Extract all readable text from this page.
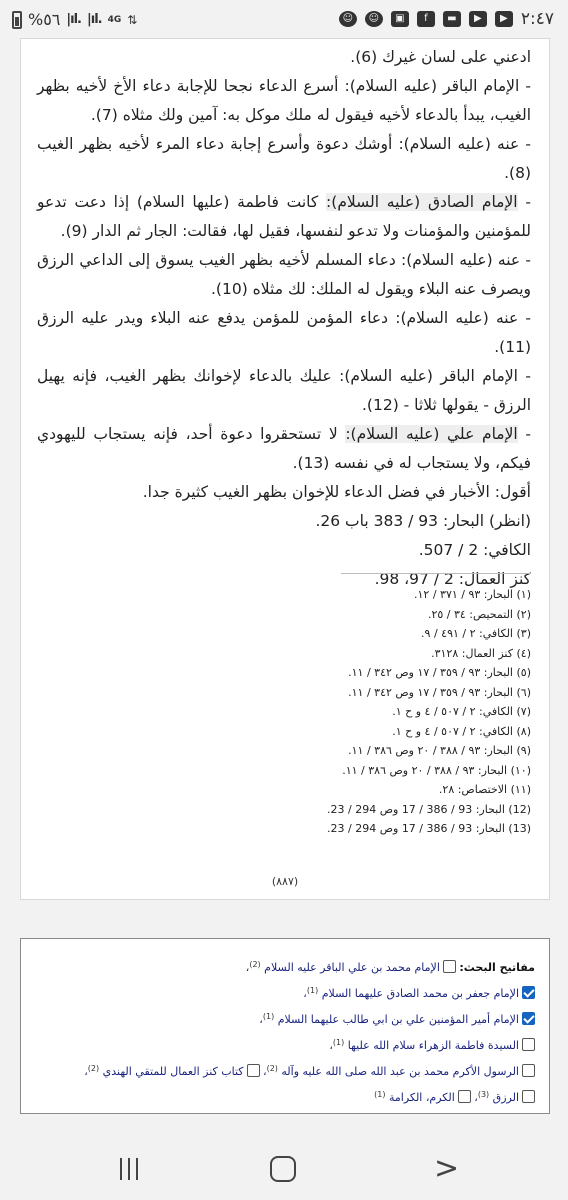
%٥٦ |ıl. |ıl. 4G ⇅	☺	☺	▣	f	▬	▶	▶ ٢:٤٧

ادعني على لسان غيرك (6).

- الإمام الباقر (عليه السلام): أسرع الدعاء نجحا للإجابة دعاء الأخ لأخيه بظهر الغيب، يبدأ بالدعاء لأخيه فيقول له ملك موكل به: آمين ولك مثلاه (7).

- عنه (عليه السلام): أوشك دعوة وأسرع إجابة دعاء المرء لأخيه بظهر الغيب (8).

- الإمام الصادق (عليه السلام): كانت فاطمة (عليها السلام) إذا دعت تدعو للمؤمنين والمؤمنات ولا تدعو لنفسها، فقيل لها، فقالت: الجار ثم الدار (9).

- عنه (عليه السلام): دعاء المسلم لأخيه بظهر الغيب يسوق إلى الداعي الرزق ويصرف عنه البلاء ويقول له الملك: لك مثلاه (10).

- عنه (عليه السلام): دعاء المؤمن للمؤمن يدفع عنه البلاء ويدر عليه الرزق (11).

- الإمام الباقر (عليه السلام): عليك بالدعاء لإخوانك بظهر الغيب، فإنه يهيل الرزق - يقولها ثلاثا - (12).

- الإمام علي (عليه السلام): لا تستحقروا دعوة أحد، فإنه يستجاب لليهودي فيكم، ولا يستجاب له في نفسه (13).

أقول: الأخبار في فضل الدعاء للإخوان بظهر الغيب كثيرة جدا.

(انظر) البحار: 93 / 383 باب 26.

الكافي: 2 / 507.

كنز العمال: 2 / 97، 98.

(١) البحار: ٩٣ / ٣٧١ / ١٢.
(٢) التمحيص: ٣٤ / ٢٥.
(٣) الكافي: ٢ / ٤٩١ / ٩.
(٤) كنز العمال: ٣١٢٨.
(٥) البحار: ٩٣ / ٣٥٩ / ١٧ وص ٣٤٢ / ١١.
(٦) البحار: ٩٣ / ٣٥٩ / ١٧ وص ٣٤٢ / ١١.
(٧) الكافي: ٢ / ٥٠٧ / ٤ و ح ١.
(٨) الكافي: ٢ / ٥٠٧ / ٤ و ح ١.
(٩) البحار: ٩٣ / ٣٨٨ / ٢٠ وص ٣٨٦ / ١١.
(١٠) البحار: ٩٣ / ٣٨٨ / ٢٠ وص ٣٨٦ / ١١.
(١١) الاختصاص: ٢٨.
(12) البحار: 93 / 386 / 17 وص 294 / 23.
(13) البحار: 93 / 386 / 17 وص 294 / 23.
(٨٨٧)
مفاتيح البحث: الإمام محمد بن علي الباقر عليه السلام $^{(2)}$،
الإمام جعفر بن محمد الصادق عليهما السلام $^{(1)}$،
الإمام أمير المؤمنين علي بن ابي طالب عليهما السلام $^{(1)}$،
السيدة فاطمة الزهراء سلام الله عليها $^{(1)}$،
الرسول الأكرم محمد بن عبد الله صلى الله عليه وآله $^{(2)}$، كتاب كنز العمال للمتقي الهندي $^{(2)}$،
الرزق $^{(3)}$، الكرم، الكرامة $^{(1)}$
>
